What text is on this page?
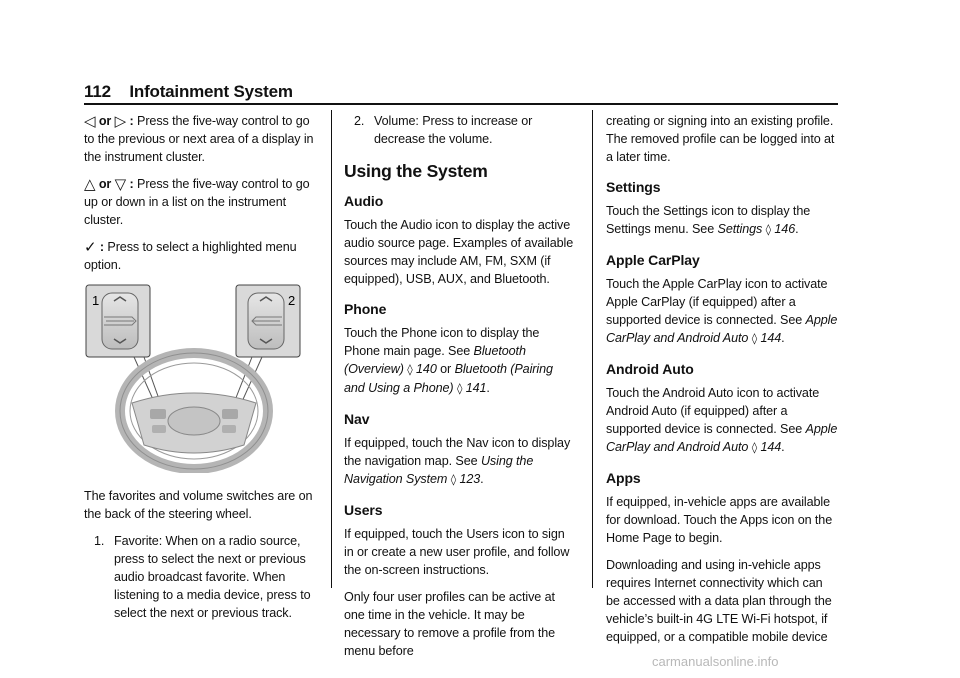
112 Infotainment System

◁ or ▷ : Press the five-way control to go to the previous or next area of a display in the instrument cluster.

△ or ▽ : Press the five-way control to go up or down in a list on the instrument cluster.

✓ : Press to select a highlighted menu option.

1	2

The favorites and volume switches are on the back of the steering wheel.

1. Favorite: When on a radio source, press to select the next or previous audio broadcast favorite. When listening to a media device, press to select the next or previous track.
2. Volume: Press to increase or decrease the volume.
Using the System
Audio

Touch the Audio icon to display the active audio source page. Examples of available sources may include AM, FM, SXM (if equipped), USB, AUX, and Bluetooth.

Phone

Touch the Phone icon to display the Phone main page. See Bluetooth (Overview) ◊ 140 or Bluetooth (Pairing and Using a Phone) ◊ 141.

Nav

If equipped, touch the Nav icon to display the navigation map. See Using the Navigation System ◊ 123.

Users

If equipped, touch the Users icon to sign in or create a new user profile, and follow the on-screen instructions.

Only four user profiles can be active at one time in the vehicle. It may be necessary to remove a profile from the menu before

creating or signing into an existing profile. The removed profile can be logged into at a later time.

Settings

Touch the Settings icon to display the Settings menu. See Settings ◊ 146.

Apple CarPlay

Touch the Apple CarPlay icon to activate Apple CarPlay (if equipped) after a supported device is connected. See Apple CarPlay and Android Auto ◊ 144.

Android Auto

Touch the Android Auto icon to activate Android Auto (if equipped) after a supported device is connected. See Apple CarPlay and Android Auto ◊ 144.

Apps

If equipped, in-vehicle apps are available for download. Touch the Apps icon on the Home Page to begin.

Downloading and using in-vehicle apps requires Internet connectivity which can be accessed with a data plan through the vehicle’s built-in 4G LTE Wi-Fi hotspot, if equipped, or a compatible mobile device

carmanualsonline.info
